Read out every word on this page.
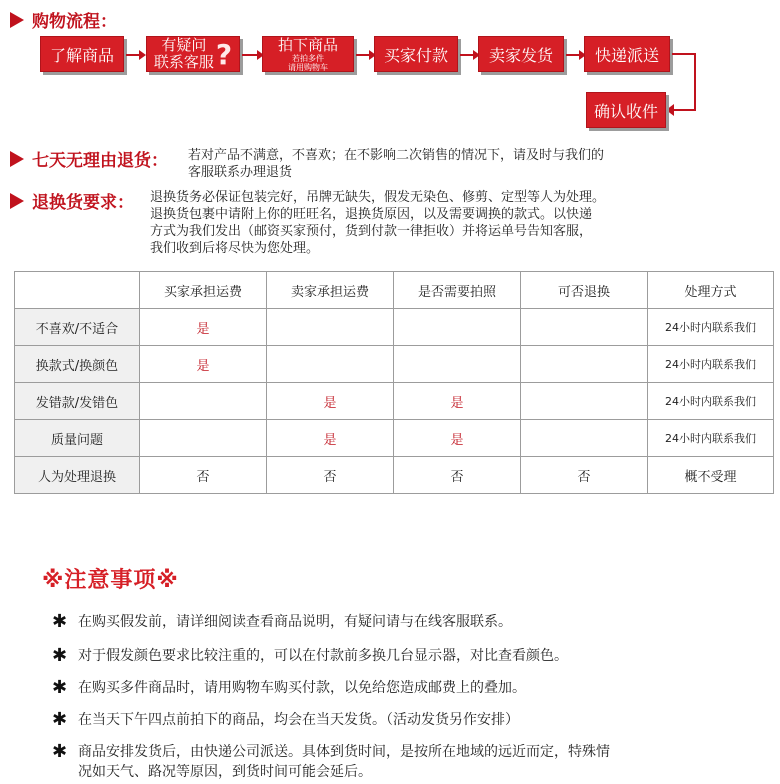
购物流程：
了解商品
有疑问
联系客服 ?	拍下商品
若拍多件
请用购物车
买家付款	卖家发货	快递派送
确认收件
七天无理由退货： 若对产品不满意，不喜欢；在不影响二次销售的情况下，请及时与我们的
客服联系办理退货
退换货要求： 退换货务必保证包装完好，吊牌无缺失，假发无染色、修剪、定型等人为处理。
退换货包裹中请附上你的旺旺名，退换货原因，以及需要调换的款式。以快递
方式为我们发出（邮资买家预付，货到付款一律拒收）并将运单号告知客服，
我们收到后将尽快为您处理。
	买家承担运费	卖家承担运费	是否需要拍照	可否退换	处理方式
不喜欢/不适合	是				24小时内联系我们
换款式/换颜色	是				24小时内联系我们
发错款/发错色		是	是		24小时内联系我们
质量问题		是	是		24小时内联系我们
人为处理退换	否	否	否	否	概不受理
※注意事项※
✱ 在购买假发前，请详细阅读查看商品说明，有疑问请与在线客服联系。
✱ 对于假发颜色要求比较注重的，可以在付款前多换几台显示器，对比查看颜色。
✱ 在购买多件商品时，请用购物车购买付款，以免给您造成邮费上的叠加。
✱ 在当天下午四点前拍下的商品，均会在当天发货。（活动发货另作安排）
✱ 商品安排发货后，由快递公司派送。具体到货时间，是按所在地域的远近而定，特殊情
况如天气、路况等原因，到货时间可能会延后。
